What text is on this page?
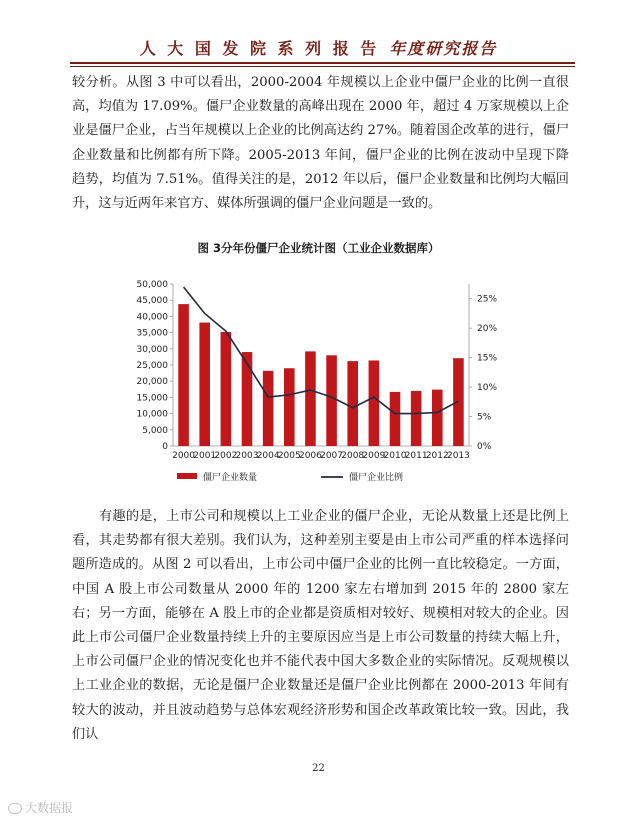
人 大 国 发 院 系 列 报 告 年度研究报告

较分析。从图 3 中可以看出，2000-2004 年规模以上企业中僵尸企业的比例一直很高，均值为 17.09%。僵尸企业数量的高峰出现在 2000 年，超过 4 万家规模以上企业是僵尸企业，占当年规模以上企业的比例高达约 27%。随着国企改革的进行，僵尸企业数量和比例都有所下降。2005-2013 年间，僵尸企业的比例在波动中呈现下降趋势，均值为 7.51%。值得关注的是，2012 年以后，僵尸企业数量和比例均大幅回升，这与近两年来官方、媒体所强调的僵尸企业问题是一致的。

图 3分年份僵尸企业统计图（工业企业数据库）
0
5,000
10,000
15,000
20,000
25,000
30,000
35,000
40,000
45,000
50,000
0%
5%
10%
15%
20%
25%
2000
2001
2002
2003
2004
2005
2006
2007
2008
2009
2010
2011
2012
2013
僵尸企业数量	僵尸企业比例

有趣的是，上市公司和规模以上工业企业的僵尸企业，无论从数量上还是比例上看，其走势都有很大差别。我们认为，这种差别主要是由上市公司严重的样本选择问题所造成的。从图 2 可以看出，上市公司中僵尸企业的比例一直比较稳定。一方面，中国 A 股上市公司数量从 2000 年的 1200 家左右增加到 2015 年的 2800 家左右；另一方面，能够在 A 股上市的企业都是资质相对较好、规模相对较大的企业。因此上市公司僵尸企业数量持续上升的主要原因应当是上市公司数量的持续大幅上升，上市公司僵尸企业的情况变化也并不能代表中国大多数企业的实际情况。反观规模以上工业企业的数据，无论是僵尸企业数量还是僵尸企业比例都在 2000-2013 年间有较大的波动，并且波动趋势与总体宏观经济形势和国企改革政策比较一致。因此，我们认

22
大数据报
